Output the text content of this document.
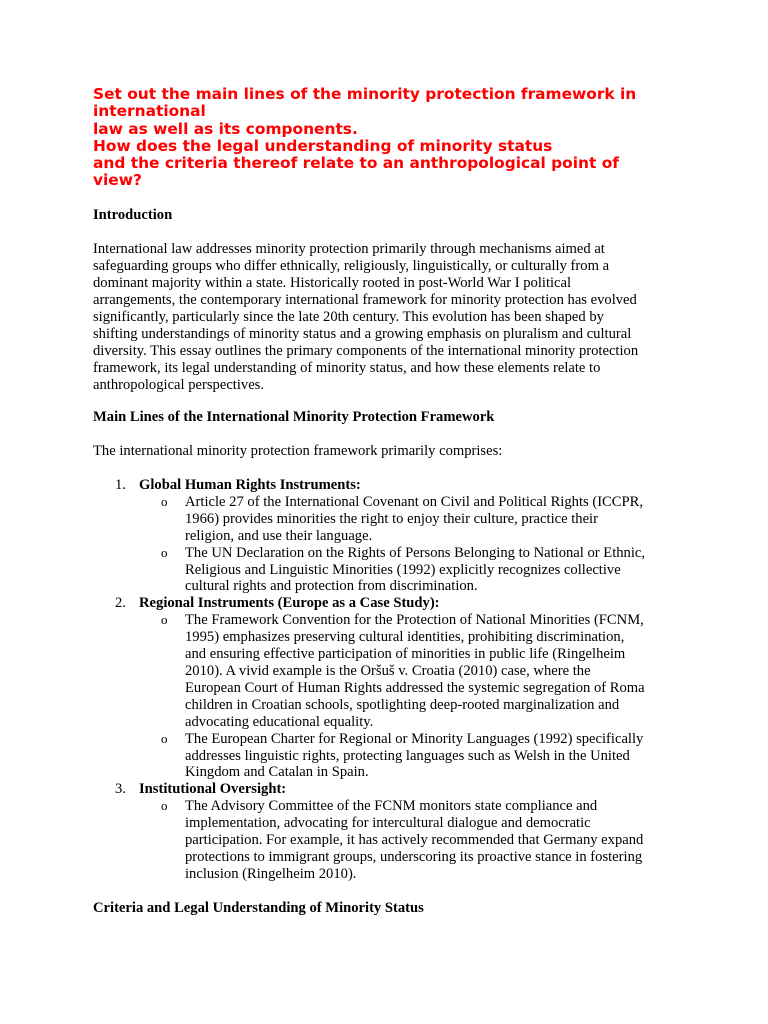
Set out the main lines of the minority protection framework in
international
law as well as its components.
How does the legal understanding of minority status
and the criteria thereof relate to an anthropological point of
view?
Introduction

International law addresses minority protection primarily through mechanisms aimed at
safeguarding groups who differ ethnically, religiously, linguistically, or culturally from a
dominant majority within a state. Historically rooted in post-World War I political
arrangements, the contemporary international framework for minority protection has evolved
significantly, particularly since the late 20th century. This evolution has been shaped by
shifting understandings of minority status and a growing emphasis on pluralism and cultural
diversity. This essay outlines the primary components of the international minority protection
framework, its legal understanding of minority status, and how these elements relate to
anthropological perspectives.

Main Lines of the International Minority Protection Framework

The international minority protection framework primarily comprises:

1. Global Human Rights Instruments:
o Article 27 of the International Covenant on Civil and Political Rights (ICCPR,
1966) provides minorities the right to enjoy their culture, practice their
religion, and use their language.
o The UN Declaration on the Rights of Persons Belonging to National or Ethnic,
Religious and Linguistic Minorities (1992) explicitly recognizes collective
cultural rights and protection from discrimination.
2. Regional Instruments (Europe as a Case Study):
o The Framework Convention for the Protection of National Minorities (FCNM,
1995) emphasizes preserving cultural identities, prohibiting discrimination,
and ensuring effective participation of minorities in public life (Ringelheim
2010). A vivid example is the Oršuš v. Croatia (2010) case, where the
European Court of Human Rights addressed the systemic segregation of Roma
children in Croatian schools, spotlighting deep-rooted marginalization and
advocating educational equality.
o The European Charter for Regional or Minority Languages (1992) specifically
addresses linguistic rights, protecting languages such as Welsh in the United
Kingdom and Catalan in Spain.
3. Institutional Oversight:
o The Advisory Committee of the FCNM monitors state compliance and
implementation, advocating for intercultural dialogue and democratic
participation. For example, it has actively recommended that Germany expand
protections to immigrant groups, underscoring its proactive stance in fostering
inclusion (Ringelheim 2010).
Criteria and Legal Understanding of Minority Status
